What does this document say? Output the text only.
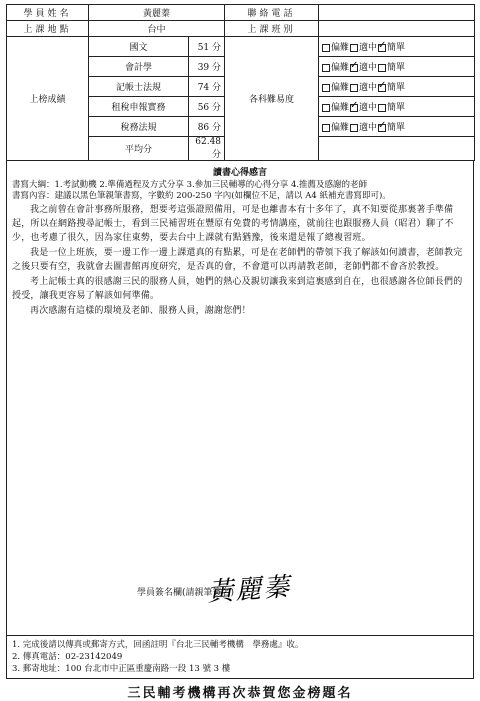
學員姓名	黃麗蓁		聯絡電話	
上課地點	台中		上課班別	
上榜成績	國文	51 分	各科難易度	偏難 適中 ✓ 簡單
	會計學	39 分		偏難 ✓ 適中 簡單
	記帳士法規	74 分		偏難 適中 ✓ 簡單
	租稅申報實務	56 分		偏難 ✓ 適中 簡單
	稅務法規	86 分		偏難 適中 ✓ 簡單
	平均分	62.48 分		
讀書心得感言
書寫大綱：1.考試動機 2.準備過程及方式分享 3.參加三民輔導的心得分享 4.推薦及感謝的老師
書寫內容：建議以黑色筆親筆書寫，字數約 200-250 字內(如欄位不足，請以 A4 紙補充書寫即可)。

我之前曾在會計事務所服務，想要考這張證照備用，可是也離書本有十多年了，真不知要從那裏著手準備起，所以在網路搜尋記帳士，看到三民補習班在豐原有免費的考情講座，就前往也跟服務人員（昭君）聊了不少，也考慮了很久，因為家住東勢，要去台中上課就有點猶豫，後來還是報了總複習班。

我是一位上班族，要一邊工作一邊上課還真的有點累，可是在老師們的帶領下我了解該如何讀書，老師教完之後只要有空，我就會去圖書館再度研究，是否真的會，不會還可以再請教老師，老師們都不會吝於教授。

考上記帳士真的很感謝三民的服務人員，她們的熱心及親切讓我來到這裏感到自在，也很感謝各位師長們的授受，讓我更容易了解該如何準備。

再次感謝有這樣的環境及老師、服務人員，謝謝您們！

學員簽名欄(請親筆簽名)
黃麗蓁
1. 完成後請以傳真或郵寄方式，回函註明『台北三民輔考機構　學務處』收。
2. 傳真電話：02-23142049
3. 郵寄地址：100 台北市中正區重慶南路一段 13 號 3 樓
三民輔考機構再次恭賀您金榜題名
